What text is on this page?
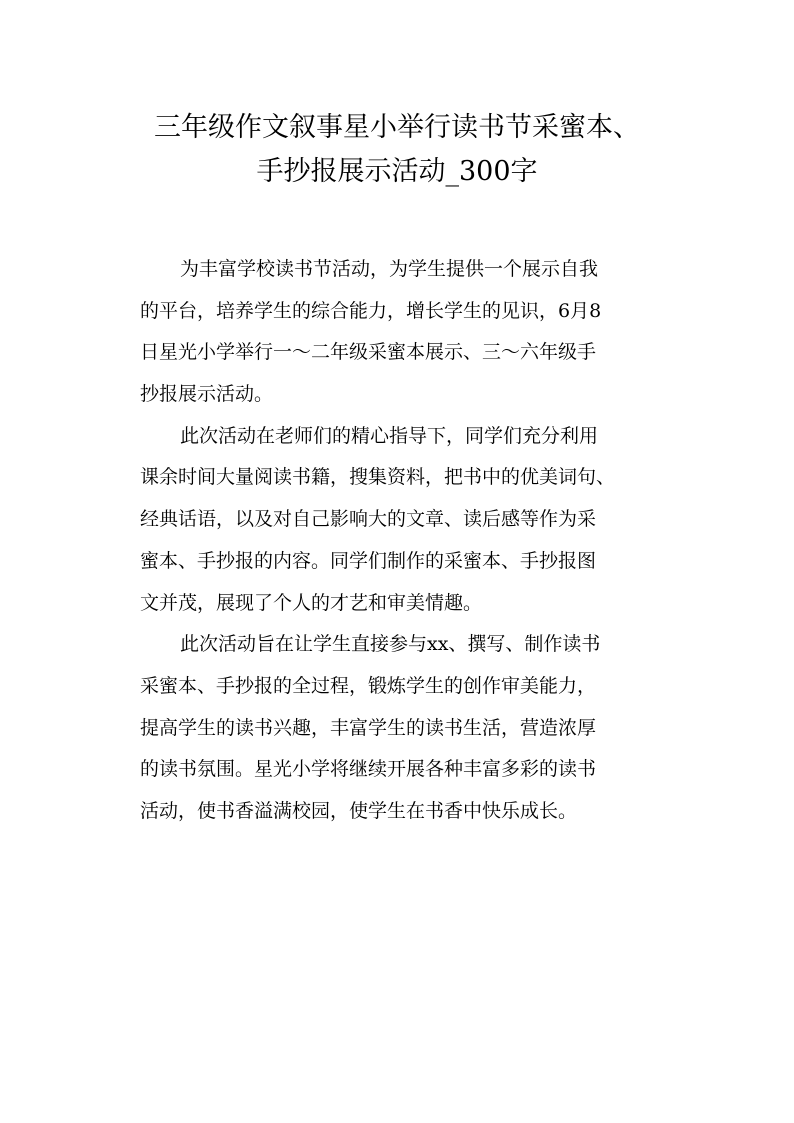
三年级作文叙事星小举行读书节采蜜本、
手抄报展示活动_300字
为丰富学校读书节活动，为学生提供一个展示自我
的平台，培养学生的综合能力，增长学生的见识，6月8
日星光小学举行一～二年级采蜜本展示、三～六年级手
抄报展示活动。
此次活动在老师们的精心指导下，同学们充分利用
课余时间大量阅读书籍，搜集资料，把书中的优美词句、
经典话语，以及对自己影响大的文章、读后感等作为采
蜜本、手抄报的内容。同学们制作的采蜜本、手抄报图
文并茂，展现了个人的才艺和审美情趣。
此次活动旨在让学生直接参与xx、撰写、制作读书
采蜜本、手抄报的全过程，锻炼学生的创作审美能力，
提高学生的读书兴趣，丰富学生的读书生活，营造浓厚
的读书氛围。星光小学将继续开展各种丰富多彩的读书
活动，使书香溢满校园，使学生在书香中快乐成长。
